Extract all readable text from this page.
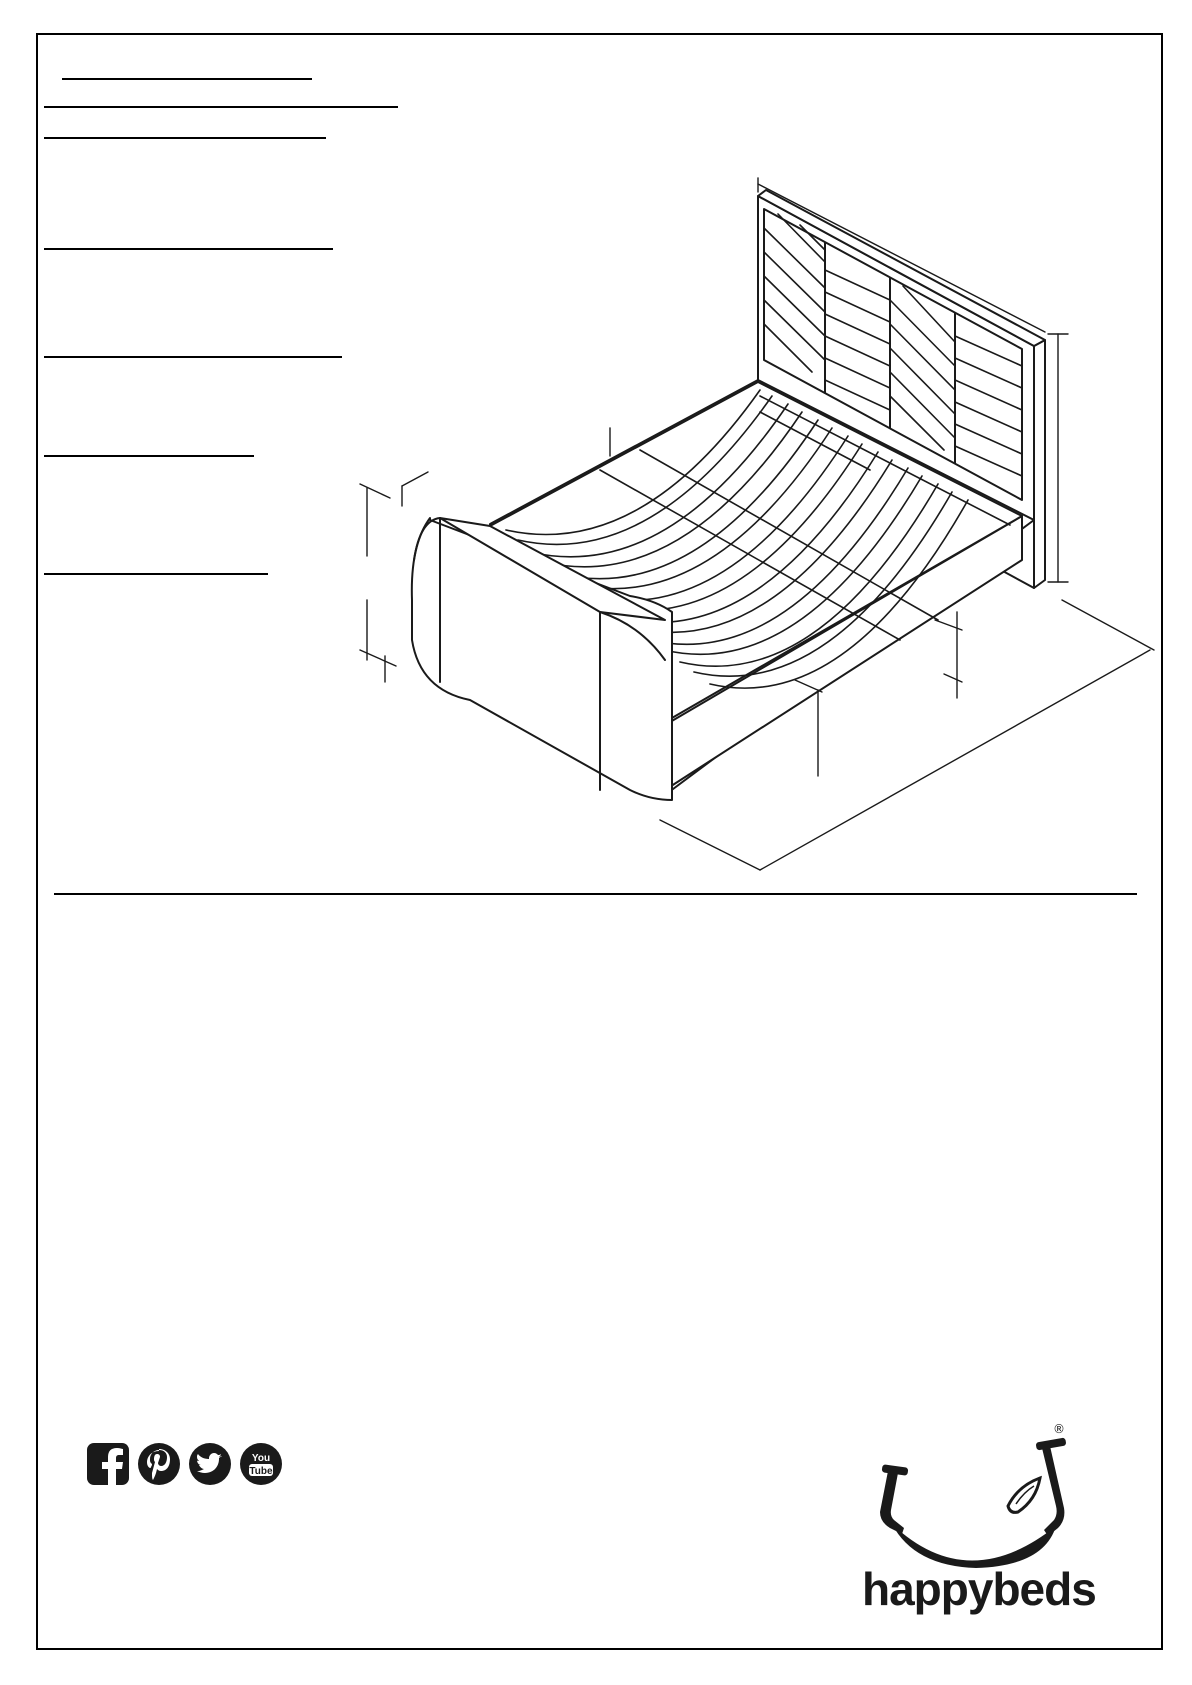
You
Tube
®
happybeds
